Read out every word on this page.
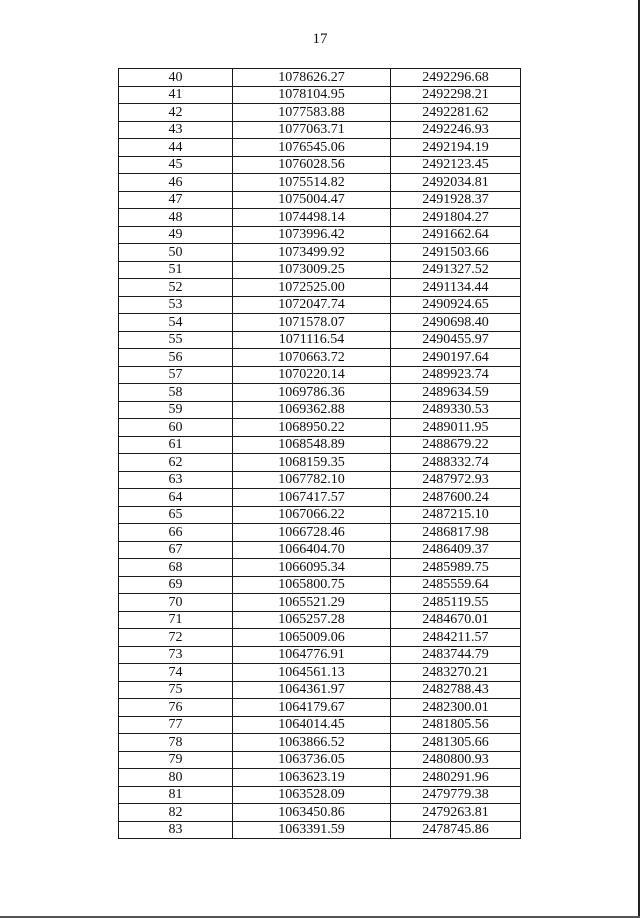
17
40	1078626.27	2492296.68
41	1078104.95	2492298.21
42	1077583.88	2492281.62
43	1077063.71	2492246.93
44	1076545.06	2492194.19
45	1076028.56	2492123.45
46	1075514.82	2492034.81
47	1075004.47	2491928.37
48	1074498.14	2491804.27
49	1073996.42	2491662.64
50	1073499.92	2491503.66
51	1073009.25	2491327.52
52	1072525.00	2491134.44
53	1072047.74	2490924.65
54	1071578.07	2490698.40
55	1071116.54	2490455.97
56	1070663.72	2490197.64
57	1070220.14	2489923.74
58	1069786.36	2489634.59
59	1069362.88	2489330.53
60	1068950.22	2489011.95
61	1068548.89	2488679.22
62	1068159.35	2488332.74
63	1067782.10	2487972.93
64	1067417.57	2487600.24
65	1067066.22	2487215.10
66	1066728.46	2486817.98
67	1066404.70	2486409.37
68	1066095.34	2485989.75
69	1065800.75	2485559.64
70	1065521.29	2485119.55
71	1065257.28	2484670.01
72	1065009.06	2484211.57
73	1064776.91	2483744.79
74	1064561.13	2483270.21
75	1064361.97	2482788.43
76	1064179.67	2482300.01
77	1064014.45	2481805.56
78	1063866.52	2481305.66
79	1063736.05	2480800.93
80	1063623.19	2480291.96
81	1063528.09	2479779.38
82	1063450.86	2479263.81
83	1063391.59	2478745.86
